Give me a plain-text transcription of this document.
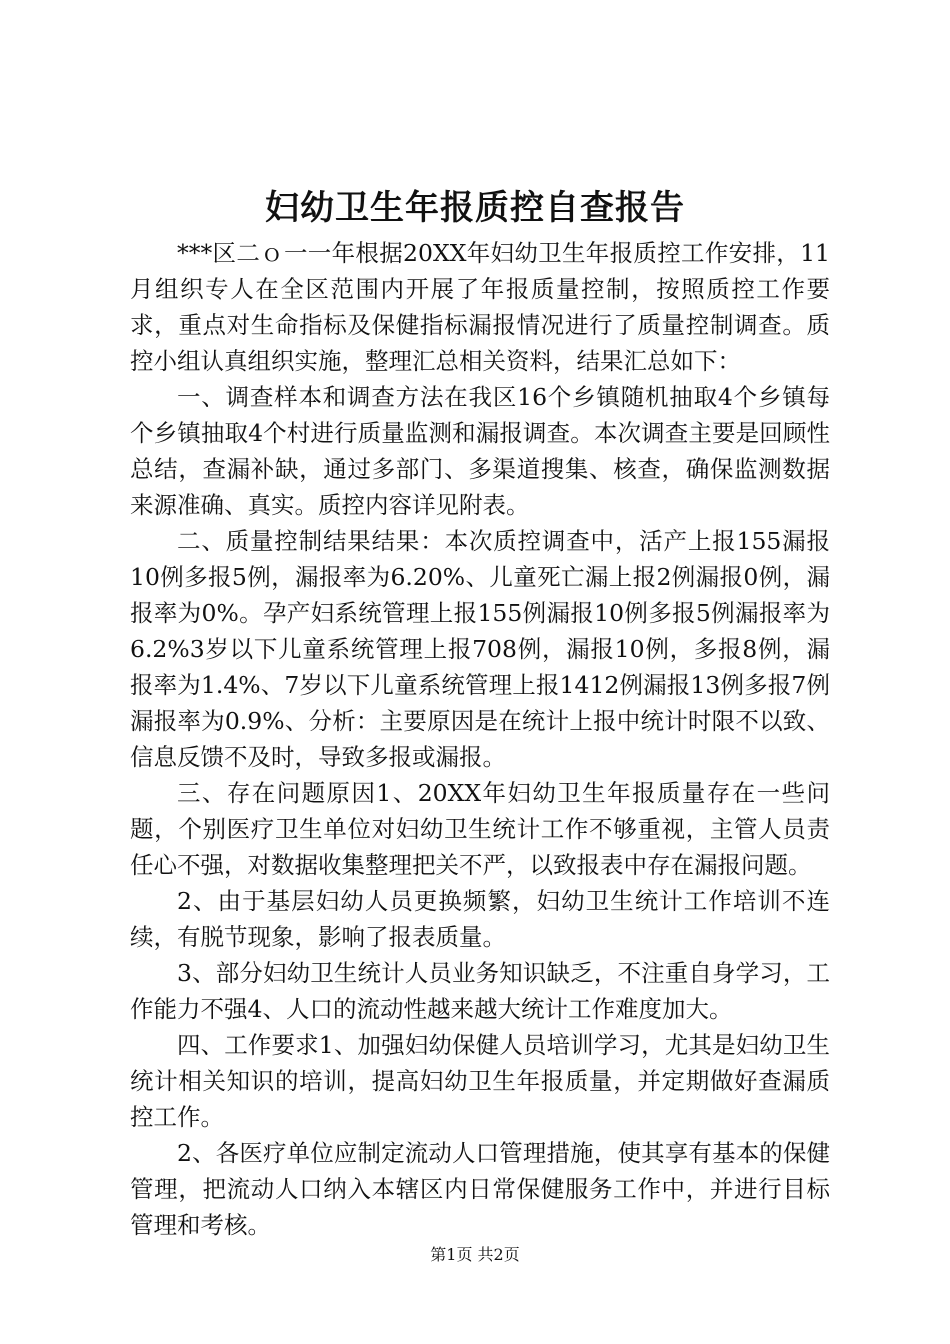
妇幼卫生年报质控自查报告

***区二ｏ一一年根据20XX年妇幼卫生年报质控工作安排，11月组织专人在全区范围内开展了年报质量控制，按照质控工作要求，重点对生命指标及保健指标漏报情况进行了质量控制调查。质控小组认真组织实施，整理汇总相关资料，结果汇总如下：

一、调查样本和调查方法在我区16个乡镇随机抽取4个乡镇每个乡镇抽取4个村进行质量监测和漏报调查。本次调查主要是回顾性总结，查漏补缺，通过多部门、多渠道搜集、核查，确保监测数据来源准确、真实。质控内容详见附表。

二、质量控制结果结果：本次质控调查中，活产上报155漏报10例多报5例，漏报率为6.20%、儿童死亡漏上报2例漏报0例，漏报率为0%。孕产妇系统管理上报155例漏报10例多报5例漏报率为6.2%3岁以下儿童系统管理上报708例，漏报10例，多报8例，漏报率为1.4%、7岁以下儿童系统管理上报1412例漏报13例多报7例漏报率为0.9%、分析：主要原因是在统计上报中统计时限不以致、信息反馈不及时，导致多报或漏报。

三、存在问题原因1、20XX年妇幼卫生年报质量存在一些问题，个别医疗卫生单位对妇幼卫生统计工作不够重视，主管人员责任心不强，对数据收集整理把关不严，以致报表中存在漏报问题。

2、由于基层妇幼人员更换频繁，妇幼卫生统计工作培训不连续，有脱节现象，影响了报表质量。

3、部分妇幼卫生统计人员业务知识缺乏，不注重自身学习，工作能力不强4、人口的流动性越来越大统计工作难度加大。

四、工作要求1、加强妇幼保健人员培训学习，尤其是妇幼卫生统计相关知识的培训，提高妇幼卫生年报质量，并定期做好查漏质控工作。

2、各医疗单位应制定流动人口管理措施，使其享有基本的保健管理，把流动人口纳入本辖区内日常保健服务工作中，并进行目标管理和考核。

第1页 共2页
